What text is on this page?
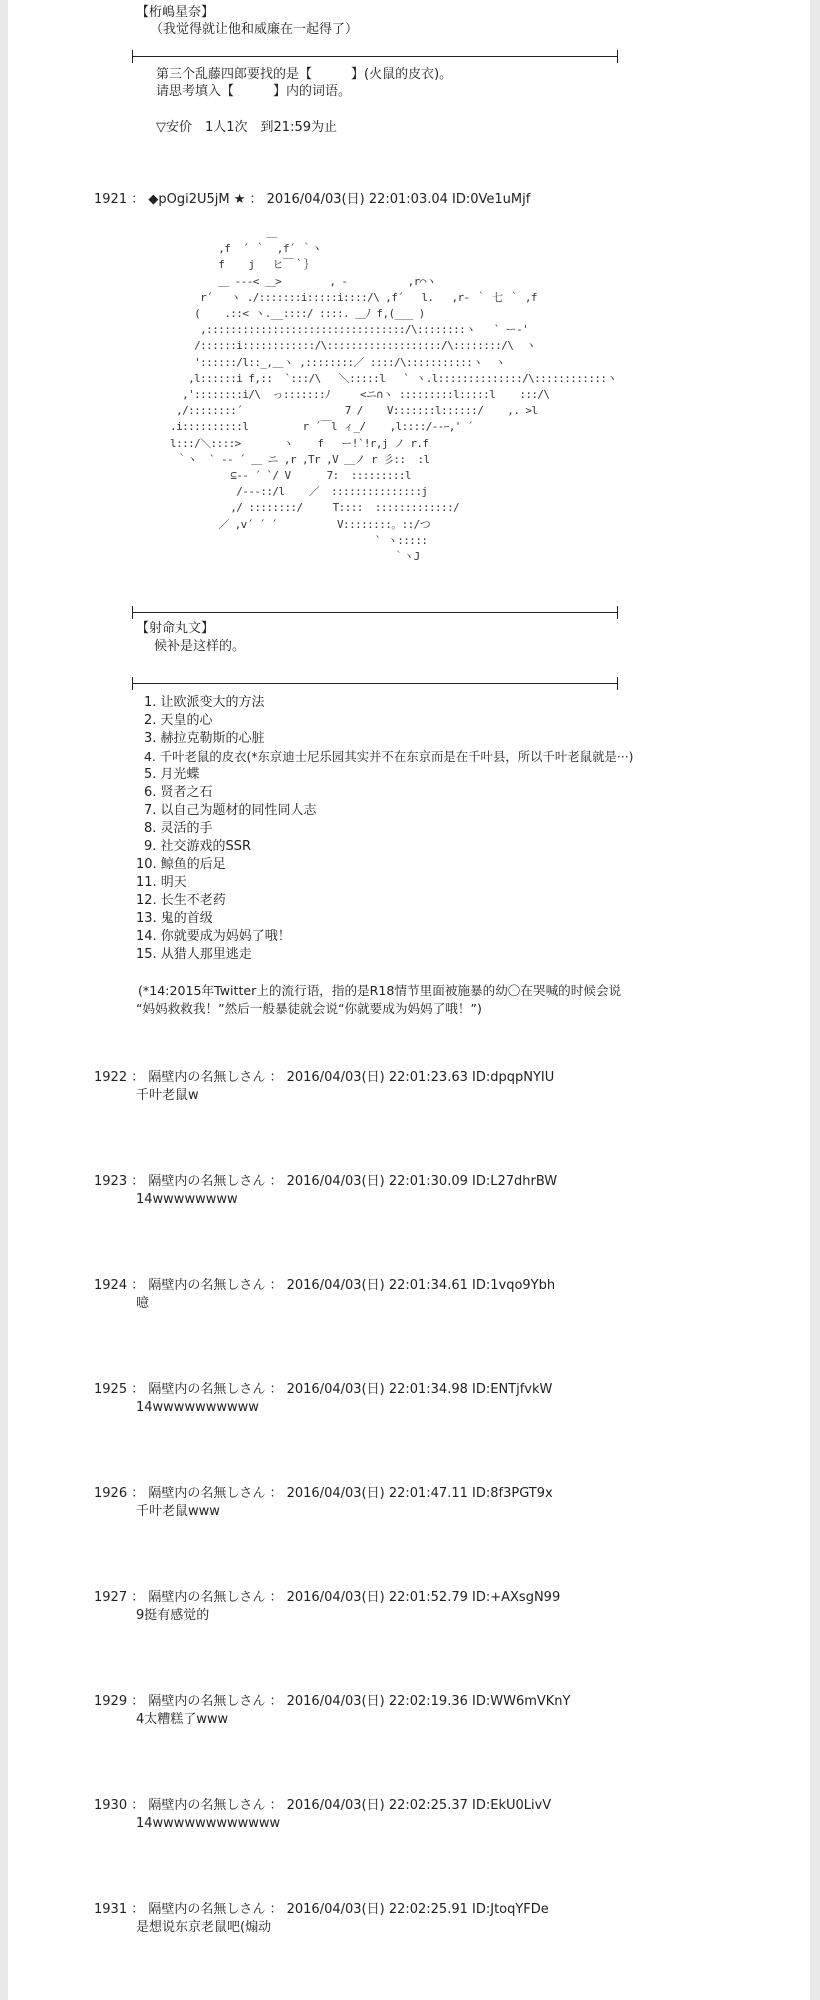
【桁嶋星奈】
（我觉得就让他和威廉在一起得了）
第三个乱藤四郎要找的是【　　　】(火鼠的皮衣)。
请思考填入【　　　】内的词语。
▽安价　1人1次　到21:59为止
1921 ： ◆pOgi2U5jM ★ ： 2016/04/03(日) 22:01:03.04 ID:0Ve1uMjf
＿
,f  ´ ｀  ,f´ ｀ヽ
f    j   ヒ￣｀｝
＿ -‐-< ＿>        , -          ,r⌒ヽ
r´   ヽ ./:::::::i:::::i::::/\ ,f´   l.   ,r‐ ｀ 七 ｀ ,f
(    .::< ヽ.__::::/ ::::. ＿ﾉ f,(___ )
,:::::::::::::::::::::::::::::::::/\::::::::ヽ   ` ー‐'
/::::::i::::::::::::/\:::::::::::::::::::/\::::::::/\  ヽ
'::::::/l::_,＿ヽ ,::::::::／ ::::/\:::::::::::ヽ  ヽ
,l::::::i f,::  `:::/\   ＼:::::l   ` ヽ.l::::::::::::::/\::::::::::::ヽ
,'::::::::i/\  っ:::::::ﾉ     <ニ∩ヽ :::::::::l:::::l    :::/\
,/::::::::´                 7 /    V:::::::l::::::/    ,. >l
.i::::::::::l         r ´￣l ィ_/    ,l::::/‐‐ｰ,' ´
l:::/＼::::>       ヽ    f   ー!`!r,j ノ r.f
｀ヽ  ` -‐ ´ ＿ ニ ,r ,Tr ,V ＿ノ r 彡::  :l
⊆-‐ ´ `/ V      7:  :::::::::l
/‐‐-::/l    ／  :::::::::::::::j
,/ ::::::::/     T::::  :::::::::::::/
／ ,v´ ´ ´          V::::::::。::/つ
` ヽ:::::
｀ヽJ
【射命丸文】
候补是这样的。
1. 让欧派变大的方法
2. 天皇的心
3. 赫拉克勒斯的心脏
4. 千叶老鼠的皮衣(*东京迪士尼乐园其实并不在东京而是在千叶县，所以千叶老鼠就是···)
5. 月光蝶
6. 贤者之石
7. 以自己为题材的同性同人志
8. 灵活的手
9. 社交游戏的SSR
10. 鲸鱼的后足
11. 明天
12. 长生不老药
13. 鬼的首级
14. 你就要成为妈妈了哦！
15. 从猎人那里逃走
(*14:2015年Twitter上的流行语，指的是R18情节里面被施暴的幼〇在哭喊的时候会说
“妈妈救救我！”然后一般暴徒就会说“你就要成为妈妈了哦！”)
1922 ： 隔壁内の名無しさん ： 2016/04/03(日) 22:01:23.63 ID:dpqpNYIU
千叶老鼠w
1923 ： 隔壁内の名無しさん ： 2016/04/03(日) 22:01:30.09 ID:L27dhrBW
14wwwwwwww
1924 ： 隔壁内の名無しさん ： 2016/04/03(日) 22:01:34.61 ID:1vqo9Ybh
噫
1925 ： 隔壁内の名無しさん ： 2016/04/03(日) 22:01:34.98 ID:ENTjfvkW
14wwwwwwwwww
1926 ： 隔壁内の名無しさん ： 2016/04/03(日) 22:01:47.11 ID:8f3PGT9x
千叶老鼠www
1927 ： 隔壁内の名無しさん ： 2016/04/03(日) 22:01:52.79 ID:+AXsgN99
9挺有感觉的
1929 ： 隔壁内の名無しさん ： 2016/04/03(日) 22:02:19.36 ID:WW6mVKnY
4太糟糕了www
1930 ： 隔壁内の名無しさん ： 2016/04/03(日) 22:02:25.37 ID:EkU0LivV
14wwwwwwwwwwww
1931 ： 隔壁内の名無しさん ： 2016/04/03(日) 22:02:25.91 ID:JtoqYFDe
是想说东京老鼠吧(煽动
